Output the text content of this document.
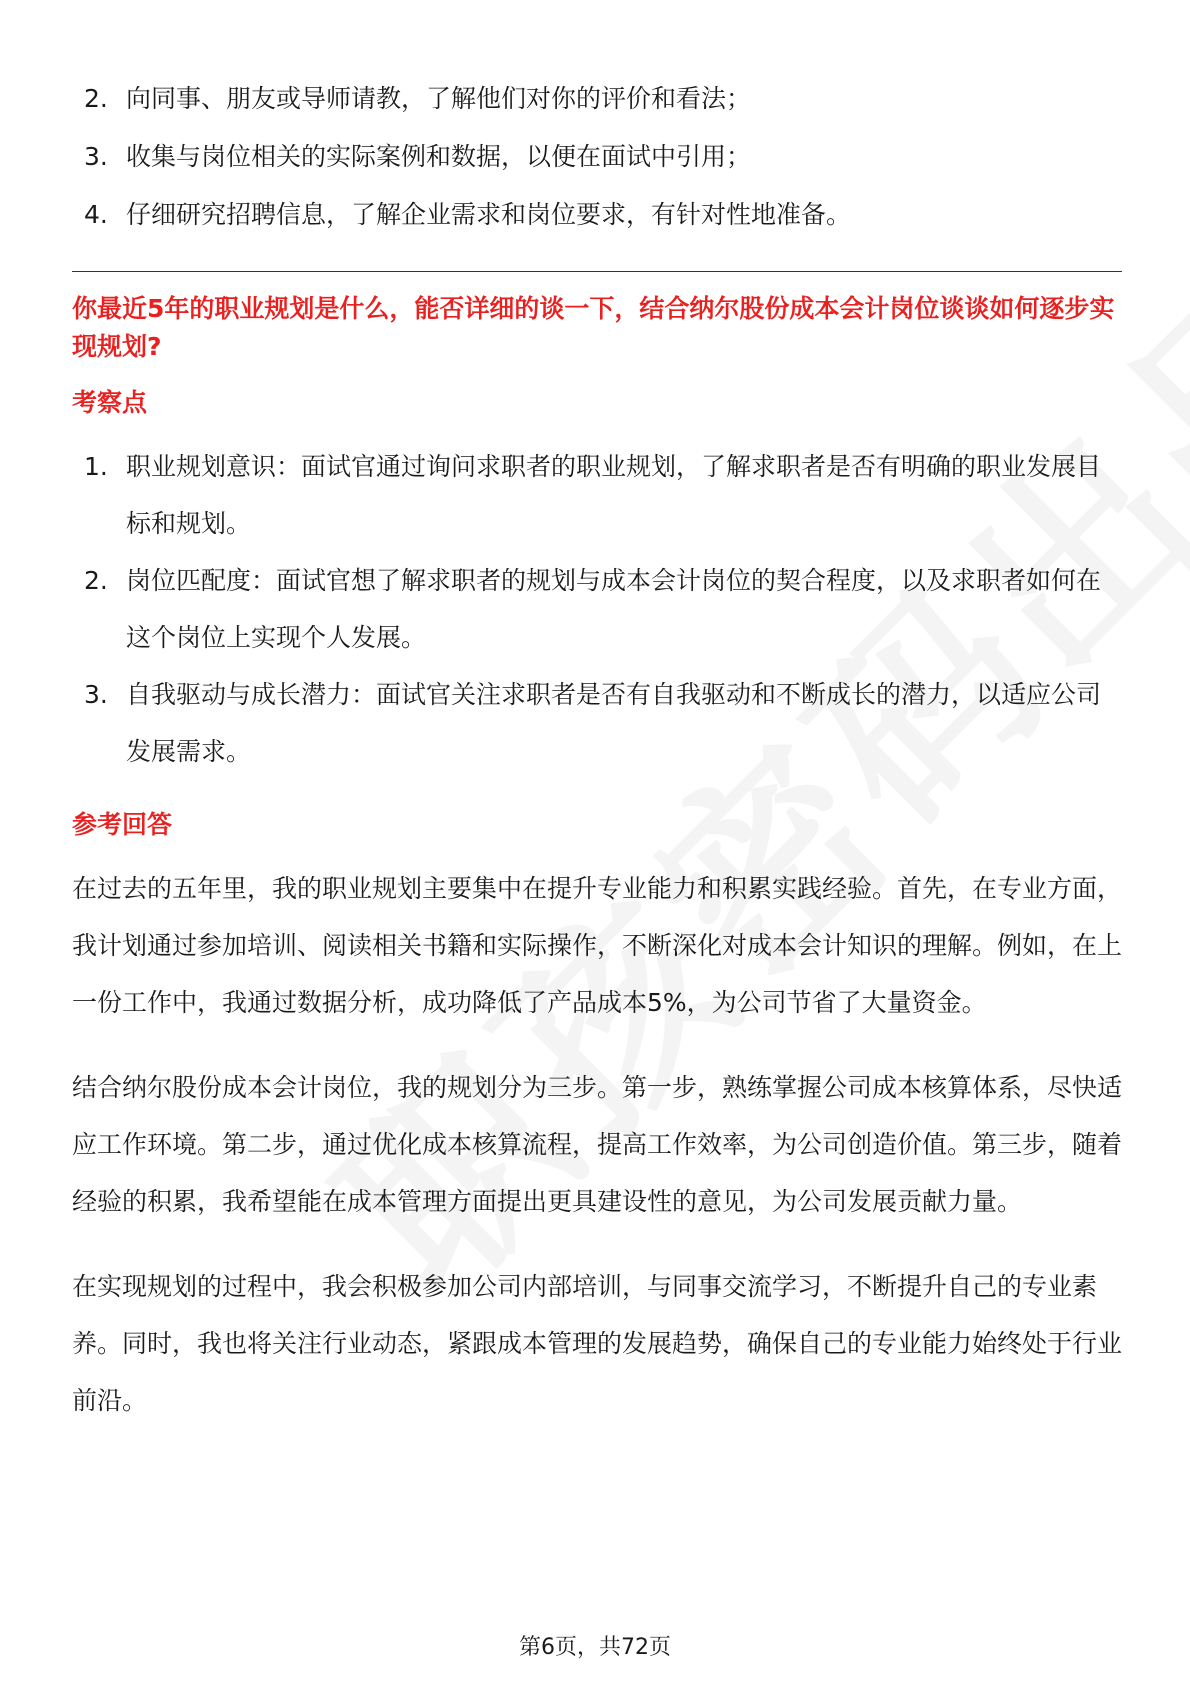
2. 向同事、朋友或导师请教，了解他们对你的评价和看法；
3. 收集与岗位相关的实际案例和数据，以便在面试中引用；
4. 仔细研究招聘信息，了解企业需求和岗位要求，有针对性地准备。
你最近5年的职业规划是什么，能否详细的谈一下，结合纳尔股份成本会计岗位谈谈如何逐步实现规划?
考察点
1. 职业规划意识：面试官通过询问求职者的职业规划，了解求职者是否有明确的职业发展目标和规划。
2. 岗位匹配度：面试官想了解求职者的规划与成本会计岗位的契合程度，以及求职者如何在这个岗位上实现个人发展。
3. 自我驱动与成长潜力：面试官关注求职者是否有自我驱动和不断成长的潜力，以适应公司发展需求。
参考回答

在过去的五年里，我的职业规划主要集中在提升专业能力和积累实践经验。首先，在专业方面，我计划通过参加培训、阅读相关书籍和实际操作，不断深化对成本会计知识的理解。例如，在上一份工作中，我通过数据分析，成功降低了产品成本5%，为公司节省了大量资金。

结合纳尔股份成本会计岗位，我的规划分为三步。第一步，熟练掌握公司成本核算体系，尽快适应工作环境。第二步，通过优化成本核算流程，提高工作效率，为公司创造价值。第三步，随着经验的积累，我希望能在成本管理方面提出更具建设性的意见，为公司发展贡献力量。

在实现规划的过程中，我会积极参加公司内部培训，与同事交流学习，不断提升自己的专业素养。同时，我也将关注行业动态，紧跟成本管理的发展趋势，确保自己的专业能力始终处于行业前沿。

第6页，共72页
